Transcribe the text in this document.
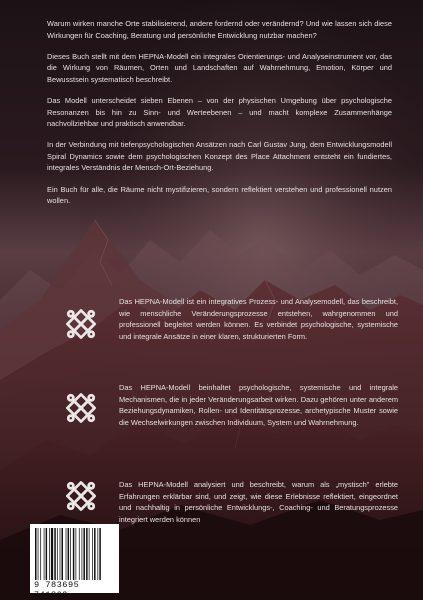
Warum wirken manche Orte stabilisierend, andere fordernd oder verändernd? Und wie lassen sich diese Wirkungen für Coaching, Beratung und persönliche Entwicklung nutzbar machen?

Dieses Buch stellt mit dem HEPNA-Modell ein integrales Orientierungs- und Analyseinstrument vor, das die Wirkung von Räumen, Orten und Landschaften auf Wahrnehmung, Emotion, Körper und Bewusstsein systematisch beschreibt.

Das Modell unterscheidet sieben Ebenen – von der physischen Umgebung über psychologische Resonanzen bis hin zu Sinn- und Werteebenen – und macht komplexe Zusammenhänge nachvollziehbar und praktisch anwendbar.

In der Verbindung mit tiefenpsychologischen Ansätzen nach Carl Gustav Jung, dem Entwicklungsmodell Spiral Dynamics sowie dem psychologischen Konzept des Place Attachment entsteht ein fundiertes, integrales Verständnis der Mensch-Ort-Beziehung.

Ein Buch für alle, die Räume nicht mystifizieren, sondern reflektiert verstehen und professionell nutzen wollen.

Das HEPNA-Modell ist ein integratives Prozess- und Analysemodell, das beschreibt, wie menschliche Veränderungsprozesse entstehen, wahrgenommen und professionell begleitet werden können. Es verbindet psychologische, systemische und integrale Ansätze in einer klaren, strukturierten Form.

Das HEPNA-Modell beinhaltet psychologische, systemische und integrale Mechanismen, die in jeder Veränderungsarbeit wirken. Dazu gehören unter anderem Beziehungsdynamiken, Rollen- und Identitätsprozesse, archetypische Muster sowie die Wechselwirkungen zwischen Individuum, System und Wahrnehmung.

Das HEPNA-Modell analysiert und beschreibt, warum als „mystisch" erlebte Erfahrungen erklärbar sind, und zeigt, wie diese Erlebnisse reflektiert, eingeordnet und nachhaltig in persönliche Entwicklungs-, Coaching- und Beratungsprozesse integriert werden können

9 783695 741809
